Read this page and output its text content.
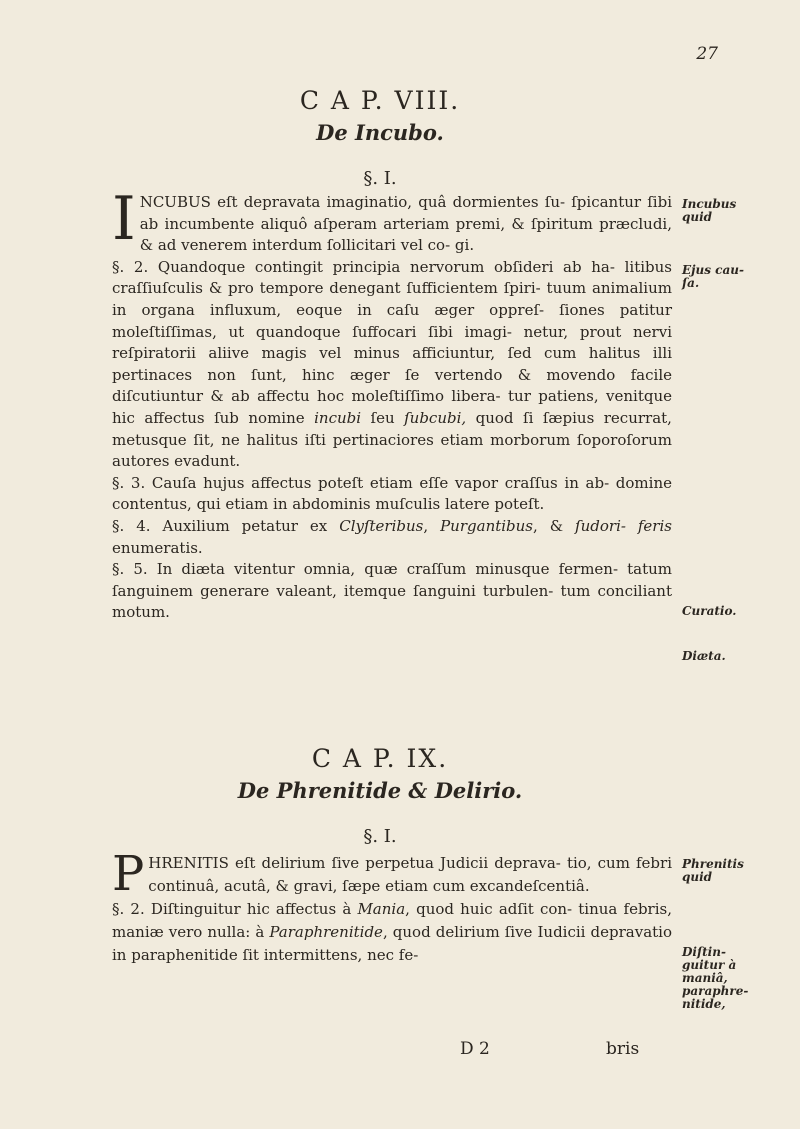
27
C A P. VIII.
De Incubo.
§. I.

INCUBUS eſt depravata imaginatio, quâ dormientes ſu- ſpicantur ſibi ab incumbente aliquô aſperam arteriam premi, & ſpiritum præcludi, & ad venerem interdum ſollicitari vel co- gi.

§. 2. Quandoque contingit principia nervorum obſideri ab ha- litibus craſſiuſculis & pro tempore denegant ſufficientem ſpiri- tuum animalium in organa influxum, eoque in caſu æger oppreſ- ſiones patitur moleſtiſſimas, ut quandoque ſuffocari ſibi imagi- netur, prout nervi reſpiratorii aliive magis vel minus afficiuntur, ſed cum halitus illi pertinaces non ſunt, hinc æger ſe vertendo & movendo facile diſcutiuntur & ab affectu hoc moleſtiſſimo libera- tur patiens, venitque hic affectus ſub nomine incubi ſeu ſubcubi, quod ſi ſæpius recurrat, metusque ſit, ne halitus iſti pertinaciores etiam morborum ſoporoſorum autores evadunt.

§. 3. Cauſa hujus affectus poteſt etiam eſſe vapor craſſus in ab- domine contentus, qui etiam in abdominis muſculis latere poteſt.

§. 4. Auxilium petatur ex Clyſteribus, Purgantibus, & ſudori- feris enumeratis.

§. 5. In diæta vitentur omnia, quæ craſſum minusque fermen- tatum ſanguinem generare valeant, itemque ſanguini turbulen- tum conciliant motum.

Incubus quid
Ejus cau- ſa.
Curatio.
Diæta.
C A P. IX.
De Phrenitide & Delirio.
§. I.

PHRENITIS eſt delirium ſive perpetua Judicii deprava- tio, cum febri continuâ, acutâ, & gravi, ſæpe etiam cum excandeſcentiâ.

§. 2. Diſtinguitur hic affectus à Mania, quod huic adſit con- tinua febris, maniæ vero nulla: à Paraphrenitide, quod delirium ſive Iudicii depravatio in paraphenitide ſit intermittens, nec fe-

Phrenitis quid
Diſtin- guitur à maniâ, paraphre- nitide,
D 2	bris
